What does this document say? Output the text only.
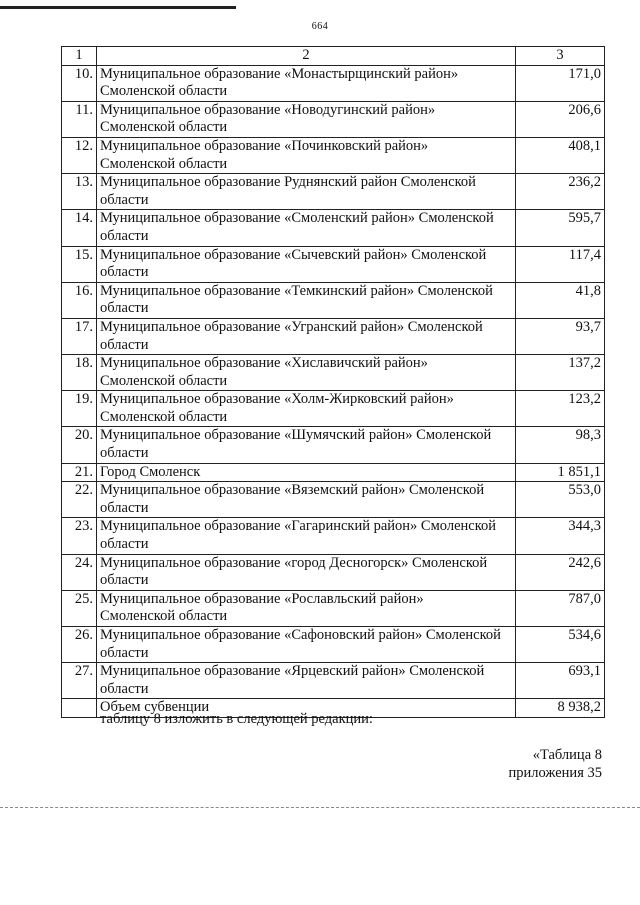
664
1	2	3
10.	Муниципальное образование «Монастырщинский район»
Смоленской области	171,0
11.	Муниципальное образование «Новодугинский район»
Смоленской области	206,6
12.	Муниципальное образование «Починковский район»
Смоленской области	408,1
13.	Муниципальное образование Руднянский район Смоленской
области	236,2
14.	Муниципальное образование «Смоленский район» Смоленской
области	595,7
15.	Муниципальное образование «Сычевский район» Смоленской
области	117,4
16.	Муниципальное образование «Темкинский район» Смоленской
области	41,8
17.	Муниципальное образование «Угранский район» Смоленской
области	93,7
18.	Муниципальное образование «Хиславичский район»
Смоленской области	137,2
19.	Муниципальное образование «Холм-Жирковский район»
Смоленской области	123,2
20.	Муниципальное образование «Шумячский район» Смоленской
области	98,3
21.	Город Смоленск	1 851,1
22.	Муниципальное образование «Вяземский район» Смоленской
области	553,0
23.	Муниципальное образование «Гагаринский район» Смоленской
области	344,3
24.	Муниципальное образование «город Десногорск» Смоленской
области	242,6
25.	Муниципальное образование «Рославльский район»
Смоленской области	787,0
26.	Муниципальное образование «Сафоновский район» Смоленской
области	534,6
27.	Муниципальное образование «Ярцевский район» Смоленской
области	693,1
	Объем субвенции	8 938,2
таблицу 8 изложить в следующей редакции:
«Таблица 8
приложения 35
